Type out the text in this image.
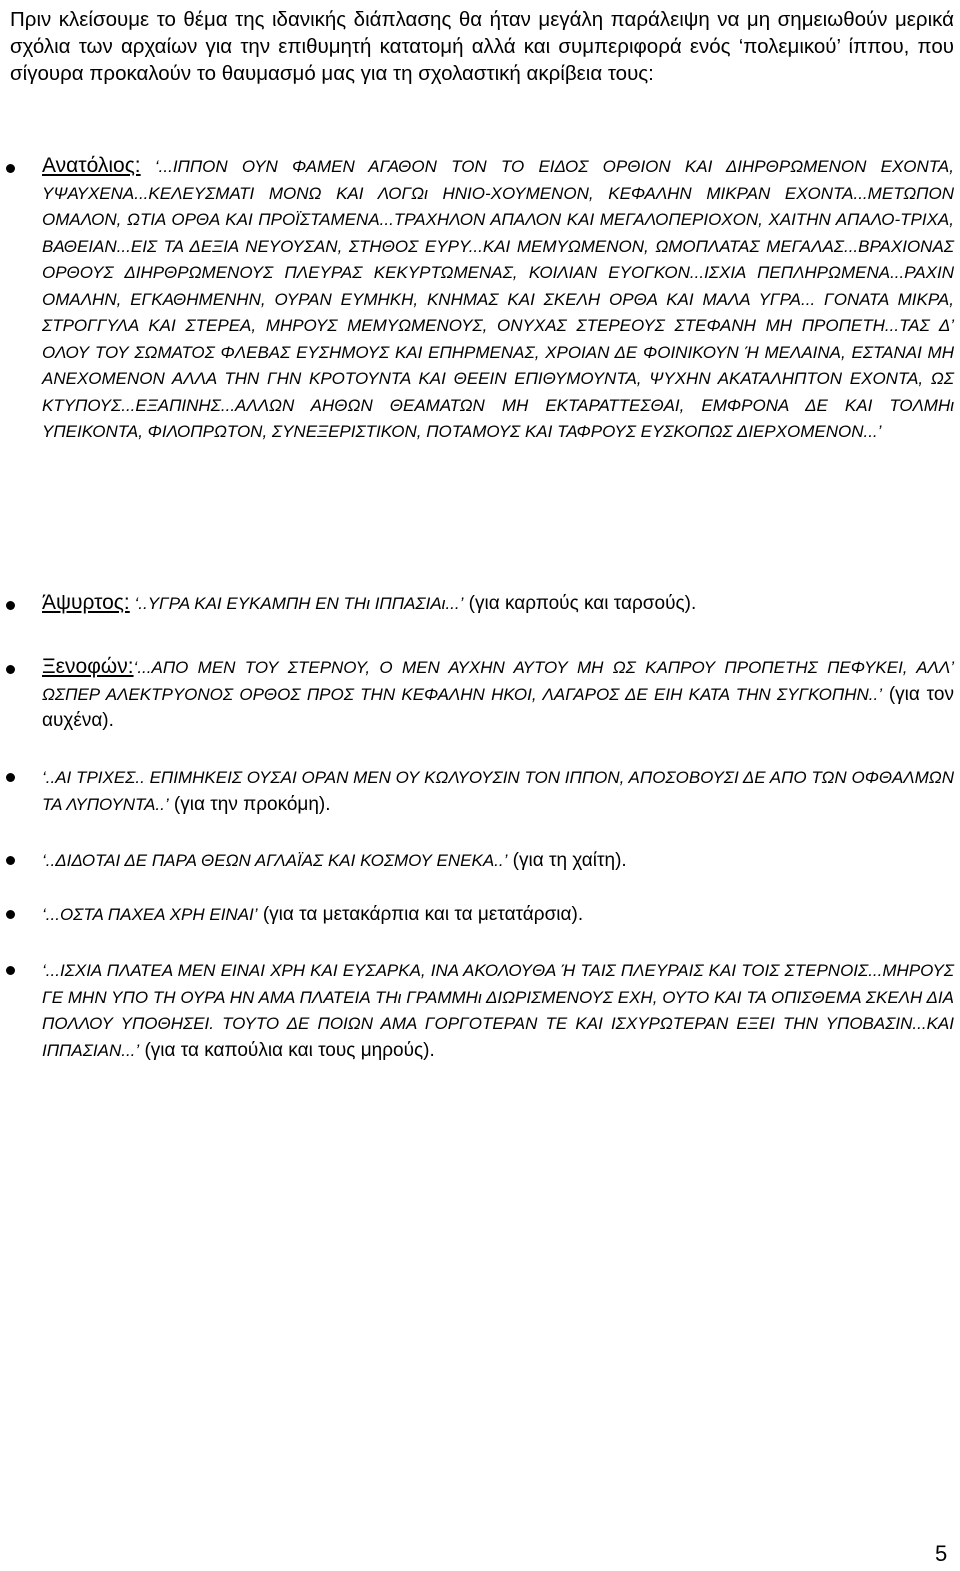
Πριν κλείσουμε το θέμα της ιδανικής διάπλασης θα ήταν μεγάλη παράλειψη να μη σημειωθούν μερικά σχόλια των αρχαίων για την επιθυμητή κατατομή αλλά και συμπεριφορά ενός ‘πολεμικού’ ίππου, που σίγουρα προκαλούν το θαυμασμό μας για τη σχολαστική ακρίβεια τους:

Ανατόλιος: ‘...ΙΠΠΟΝ ΟΥΝ ΦΑΜΕΝ ΑΓΑΘΟΝ ΤΟΝ ΤΟ ΕΙΔΟΣ ΟΡΘΙΟΝ ΚΑΙ ΔΙΗΡΘΡΩΜΕΝΟΝ ΕΧΟΝΤΑ, ΥΨΑΥΧΕΝΑ...ΚΕΛΕΥΣΜΑΤΙ ΜΟΝΩ ΚΑΙ ΛΟΓΩι ΗΝΙΟ-ΧΟΥΜΕΝΟΝ, ΚΕΦΑΛΗΝ ΜΙΚΡΑΝ ΕΧΟΝΤΑ...ΜΕΤΩΠΟΝ ΟΜΑΛΟΝ, ΩΤΙΑ ΟΡΘΑ ΚΑΙ ΠΡΟΪΣΤΑΜΕΝΑ...ΤΡΑΧΗΛΟΝ ΑΠΑΛΟΝ ΚΑΙ ΜΕΓΑΛΟΠΕΡΙΟΧΟΝ, ΧΑΙΤΗΝ ΑΠΑΛΟ-ΤΡΙΧΑ, ΒΑΘΕΙΑΝ...ΕΙΣ ΤΑ ΔΕΞΙΑ ΝΕΥΟΥΣΑΝ, ΣΤΗΘΟΣ ΕΥΡΥ...ΚΑΙ ΜΕΜΥΩΜΕΝΟΝ, ΩΜΟΠΛΑΤΑΣ ΜΕΓΑΛΑΣ...ΒΡΑΧΙΟΝΑΣ ΟΡΘΟΥΣ ΔΙΗΡΘΡΩΜΕΝΟΥΣ ΠΛΕΥΡΑΣ ΚΕΚΥΡΤΩΜΕΝΑΣ, ΚΟΙΛΙΑΝ ΕΥΟΓΚΟΝ...ΙΣΧΙΑ ΠΕΠΛΗΡΩΜΕΝΑ...ΡΑΧΙΝ ΟΜΑΛΗΝ, ΕΓΚΑΘΗΜΕΝΗΝ, ΟΥΡΑΝ ΕΥΜΗΚΗ, ΚΝΗΜΑΣ ΚΑΙ ΣΚΕΛΗ ΟΡΘΑ ΚΑΙ ΜΑΛΑ ΥΓΡΑ... ΓΟΝΑΤΑ ΜΙΚΡΑ, ΣΤΡΟΓΓΥΛΑ ΚΑΙ ΣΤΕΡΕΑ, ΜΗΡΟΥΣ ΜΕΜΥΩΜΕΝΟΥΣ, ΟΝΥΧΑΣ ΣΤΕΡΕΟΥΣ ΣΤΕΦΑΝΗ ΜΗ ΠΡΟΠΕΤΗ...ΤΑΣ Δ’ ΟΛΟΥ ΤΟΥ ΣΩΜΑΤΟΣ ΦΛΕΒΑΣ ΕΥΣΗΜΟΥΣ ΚΑΙ ΕΠΗΡΜΕΝΑΣ, ΧΡΟΙΑΝ ΔΕ ΦΟΙΝΙΚΟΥΝ Ή ΜΕΛΑΙΝΑ, ΕΣΤΑΝΑΙ ΜΗ ΑΝΕΧΟΜΕΝΟΝ ΑΛΛΑ ΤΗΝ ΓΗΝ ΚΡΟΤΟΥΝΤΑ ΚΑΙ ΘΕΕΙΝ ΕΠΙΘΥΜΟΥΝΤΑ, ΨΥΧΗΝ ΑΚΑΤΑΛΗΠΤΟΝ ΕΧΟΝΤΑ, ΩΣ ΚΤΥΠΟΥΣ...ΕΞΑΠΙΝΗΣ...ΑΛΛΩΝ ΑΗΘΩΝ ΘΕΑΜΑΤΩΝ ΜΗ ΕΚΤΑΡΑΤΤΕΣΘΑΙ, ΕΜΦΡΟΝΑ ΔΕ ΚΑΙ ΤΟΛΜΗι ΥΠΕΙΚΟΝΤΑ, ΦΙΛΟΠΡΩΤΟΝ, ΣΥΝΕΞΕΡΙΣΤΙΚΟΝ, ΠΟΤΑΜΟΥΣ ΚΑΙ ΤΑΦΡΟΥΣ ΕΥΣΚΟΠΩΣ ΔΙΕΡΧΟΜΕΝΟΝ...’

Άψυρτος: ‘..ΥΓΡΑ ΚΑΙ ΕΥΚΑΜΠΗ ΕΝ ΤΗι ΙΠΠΑΣΙΑι...’ (για καρπούς και ταρσούς).

Ξενοφών:‘...ΑΠΟ ΜΕΝ ΤΟΥ ΣΤΕΡΝΟΥ, Ο ΜΕΝ ΑΥΧΗΝ ΑΥΤΟΥ ΜΗ ΩΣ ΚΑΠΡΟΥ ΠΡΟΠΕΤΗΣ ΠΕΦΥΚΕΙ, ΑΛΛ’ ΩΣΠΕΡ ΑΛΕΚΤΡΥΟΝΟΣ ΟΡΘΟΣ ΠΡΟΣ ΤΗΝ ΚΕΦΑΛΗΝ ΗΚΟΙ, ΛΑΓΑΡΟΣ ΔΕ ΕΙΗ ΚΑΤΑ ΤΗΝ ΣΥΓΚΟΠΗΝ..’ (για τον αυχένα).

‘..ΑΙ ΤΡΙΧΕΣ.. ΕΠΙΜΗΚΕΙΣ ΟΥΣΑΙ ΟΡΑΝ ΜΕΝ ΟΥ ΚΩΛΥΟΥΣΙΝ ΤΟΝ ΙΠΠΟΝ, ΑΠΟΣΟΒΟΥΣΙ ΔΕ ΑΠΟ ΤΩΝ ΟΦΘΑΛΜΩΝ ΤΑ ΛΥΠΟΥΝΤΑ..’ (για την προκόμη).

‘..ΔΙΔΟΤΑΙ ΔΕ ΠΑΡΑ ΘΕΩΝ ΑΓΛΑΪΑΣ ΚΑΙ ΚΟΣΜΟΥ ΕΝΕΚΑ..’ (για τη χαίτη).

‘...ΟΣΤΑ ΠΑΧΕΑ ΧΡΗ ΕΙΝΑΙ’ (για τα μετακάρπια και τα μετατάρσια).

‘...ΙΣΧΙΑ ΠΛΑΤΕΑ ΜΕΝ ΕΙΝΑΙ ΧΡΗ ΚΑΙ ΕΥΣΑΡΚΑ, ΙΝΑ ΑΚΟΛΟΥΘΑ Ή ΤΑΙΣ ΠΛΕΥΡΑΙΣ ΚΑΙ ΤΟΙΣ ΣΤΕΡΝΟΙΣ...ΜΗΡΟΥΣ ΓΕ ΜΗΝ ΥΠΟ ΤΗ ΟΥΡΑ ΗΝ ΑΜΑ ΠΛΑΤΕΙΑ ΤΗι ΓΡΑΜΜΗι ΔΙΩΡΙΣΜΕΝΟΥΣ ΕΧΗ, ΟΥΤΟ ΚΑΙ ΤΑ ΟΠΙΣΘΕΜΑ ΣΚΕΛΗ ΔΙΑ ΠΟΛΛΟΥ ΥΠΟΘΗΣΕΙ. ΤΟΥΤΟ ΔΕ ΠΟΙΩΝ ΑΜΑ ΓΟΡΓΟΤΕΡΑΝ ΤΕ ΚΑΙ ΙΣΧΥΡΩΤΕΡΑΝ ΕΞΕΙ ΤΗΝ ΥΠΟΒΑΣΙΝ...ΚΑΙ ΙΠΠΑΣΙΑΝ...’ (για τα καπούλια και τους μηρούς).

5
